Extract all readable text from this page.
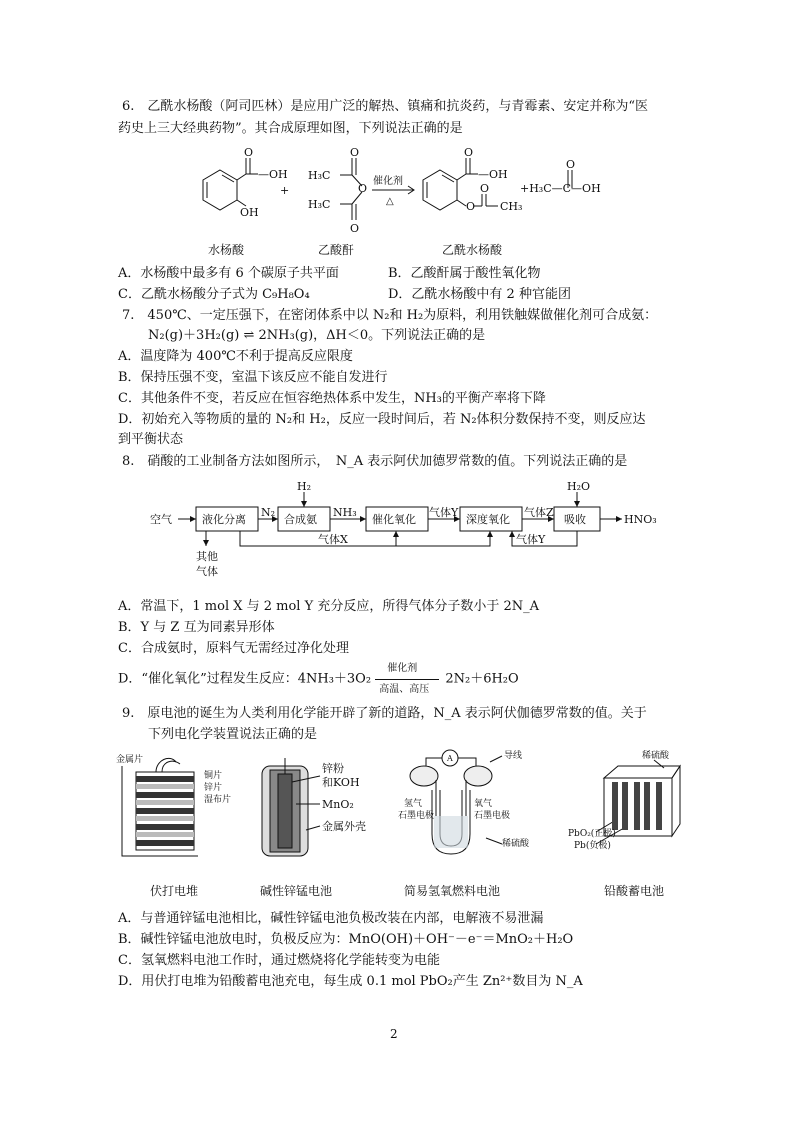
6.　乙酰水杨酸（阿司匹林）是应用广泛的解热、镇痛和抗炎药，与青霉素、安定并称为“医
药史上三大经典药物”。其合成原理如图，下列说法正确的是
—OH
O
OH
+
H₃C
O
O
H₃C
O
催化剂
△
—OH
O
O
O
CH₃
+H₃C—C—OH
O
水杨酸	乙酸酐	乙酰水杨酸
A．水杨酸中最多有 6 个碳原子共平面	B．乙酸酐属于酸性氧化物
C．乙酰水杨酸分子式为 C₉H₈O₄	D．乙酰水杨酸中有 2 种官能团
7.　450℃、一定压强下，在密闭体系中以 N₂和 H₂为原料，利用铁触媒做催化剂可合成氨：
N₂(g)＋3H₂(g) ⇌ 2NH₃(g)，ΔH＜0。下列说法正确的是
A．温度降为 400℃不利于提高反应限度
B．保持压强不变，室温下该反应不能自发进行
C．其他条件不变，若反应在恒容绝热体系中发生，NH₃的平衡产率将下降
D．初始充入等物质的量的 N₂和 H₂，反应一段时间后，若 N₂体积分数保持不变，则反应达
到平衡状态
8.　硝酸的工业制备方法如图所示，　N_A 表示阿伏加德罗常数的值。下列说法正确的是
空气	液化分离
N₂
H₂
合成氨
NH₃
催化氧化
气体Y
深度氧化
气体Z
H₂O
吸收	HNO₃
其他
气体
气体X	气体Y
A．常温下，1 mol X 与 2 mol Y 充分反应，所得气体分子数小于 2N_A
B．Y 与 Z 互为同素异形体
C．合成氨时，原料气无需经过净化处理
D．“催化氧化”过程发生反应：4NH₃＋3O₂
催化剂
高温、高压
2N₂＋6H₂O
9.　原电池的诞生为人类利用化学能开辟了新的道路，N_A 表示阿伏伽德罗常数的值。关于
下列电化学装置说法正确的是
金属片
铜片
锌片
湿布片
伏打电堆
锌粉
和KOH
MnO₂
金属外壳
碱性锌锰电池
A	导线
氢气
石墨电极
氧气
石墨电极
稀硫酸
简易氢氧燃料电池
稀硫酸
PbO₂(正极)
Pb(负极)
铅酸蓄电池
A．与普通锌锰电池相比，碱性锌锰电池负极改装在内部，电解液不易泄漏
B．碱性锌锰电池放电时，负极反应为：MnO(OH)＋OH⁻－e⁻＝MnO₂＋H₂O
C．氢氧燃料电池工作时，通过燃烧将化学能转变为电能
D．用伏打电堆为铅酸蓄电池充电，每生成 0.1 mol PbO₂产生 Zn²⁺数目为 N_A
2
